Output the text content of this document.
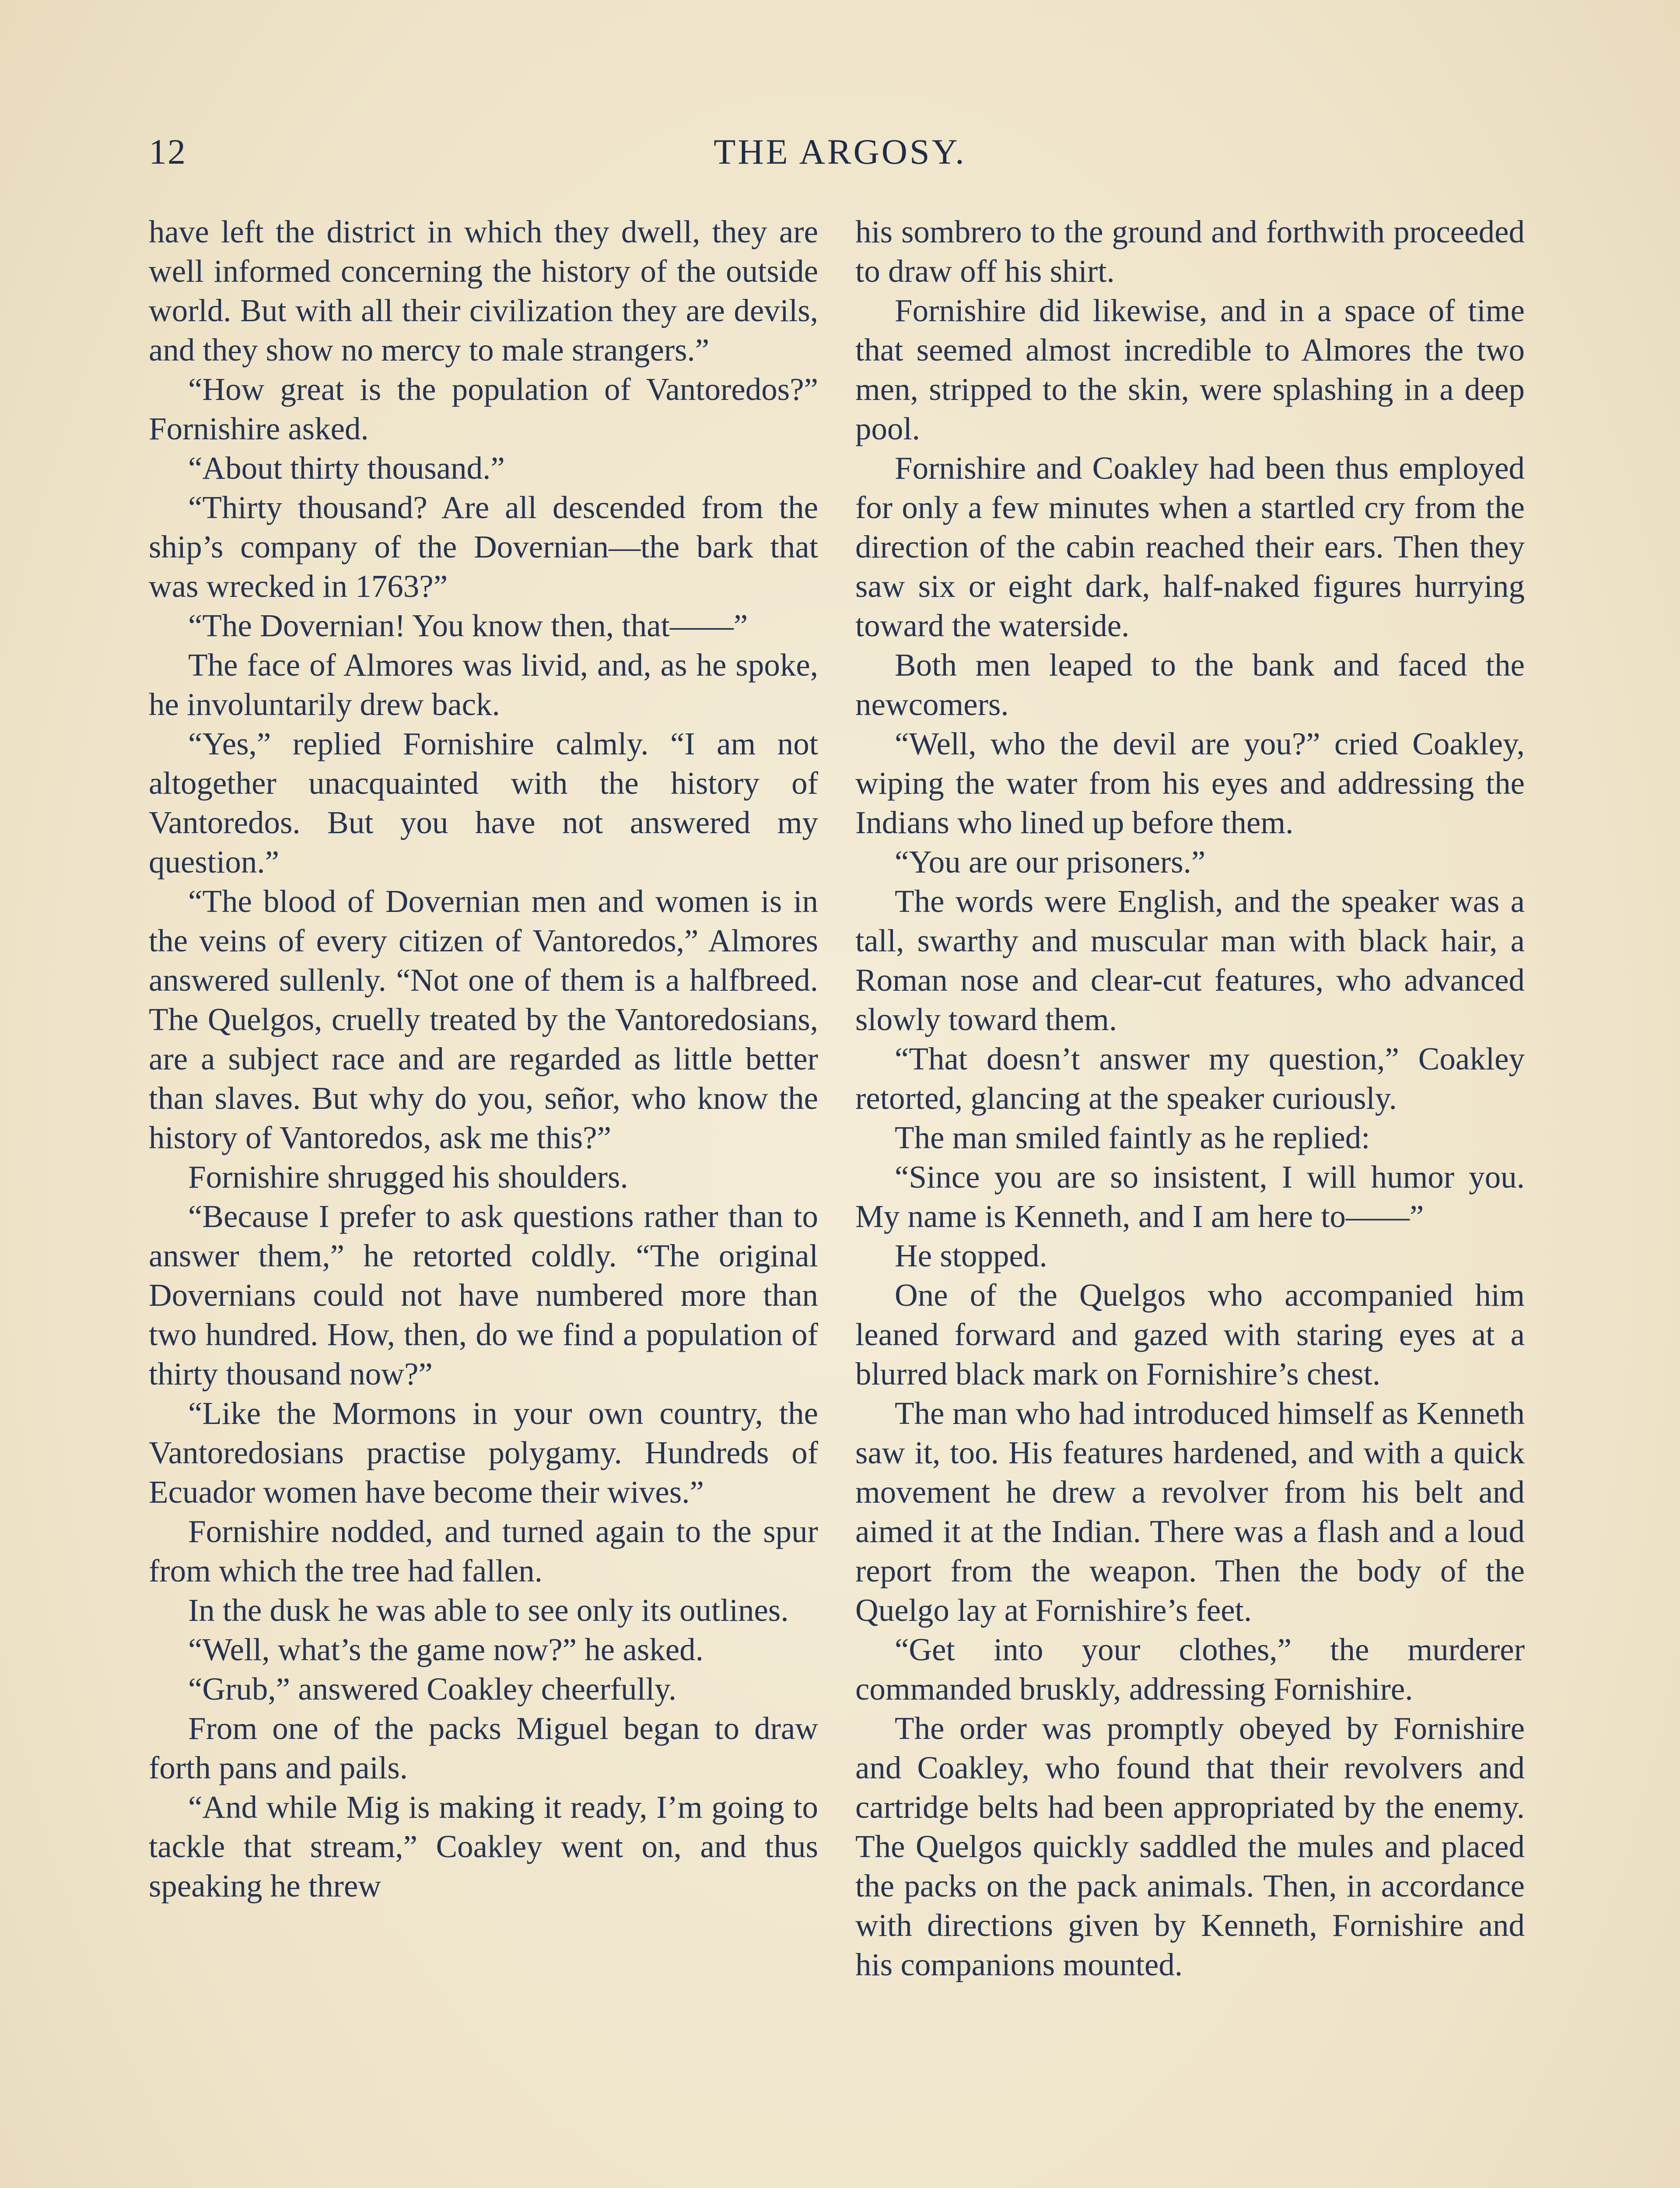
12	THE ARGOSY.

have left the district in which they dwell, they are well informed concerning the history of the outside world. But with all their civilization they are devils, and they show no mercy to male strangers.”

“How great is the population of Vantoredos?” Fornishire asked.

“About thirty thousand.”

“Thirty thousand? Are all descended from the ship’s company of the Dovernian—the bark that was wrecked in 1763?”

“The Dovernian! You know then, that——”

The face of Almores was livid, and, as he spoke, he involuntarily drew back.

“Yes,” replied Fornishire calmly. “I am not altogether unacquainted with the history of Vantoredos. But you have not answered my question.”

“The blood of Dovernian men and women is in the veins of every citizen of Vantoredos,” Almores answered sullenly. “Not one of them is a halfbreed. The Quelgos, cruelly treated by the Vantoredosians, are a subject race and are regarded as little better than slaves. But why do you, señor, who know the history of Vantoredos, ask me this?”

Fornishire shrugged his shoulders.

“Because I prefer to ask questions rather than to answer them,” he retorted coldly. “The original Dovernians could not have numbered more than two hundred. How, then, do we find a population of thirty thousand now?”

“Like the Mormons in your own country, the Vantoredosians practise polygamy. Hundreds of Ecuador women have become their wives.”

Fornishire nodded, and turned again to the spur from which the tree had fallen.

In the dusk he was able to see only its outlines.

“Well, what’s the game now?” he asked.

“Grub,” answered Coakley cheerfully.

From one of the packs Miguel began to draw forth pans and pails.

“And while Mig is making it ready, I’m going to tackle that stream,” Coakley went on, and thus speaking he threw

his sombrero to the ground and forthwith proceeded to draw off his shirt.

Fornishire did likewise, and in a space of time that seemed almost incredible to Almores the two men, stripped to the skin, were splashing in a deep pool.

Fornishire and Coakley had been thus employed for only a few minutes when a startled cry from the direction of the cabin reached their ears. Then they saw six or eight dark, half-naked figures hurrying toward the waterside.

Both men leaped to the bank and faced the newcomers.

“Well, who the devil are you?” cried Coakley, wiping the water from his eyes and addressing the Indians who lined up before them.

“You are our prisoners.”

The words were English, and the speaker was a tall, swarthy and muscular man with black hair, a Roman nose and clear-cut features, who advanced slowly toward them.

“That doesn’t answer my question,” Coakley retorted, glancing at the speaker curiously.

The man smiled faintly as he replied:

“Since you are so insistent, I will humor you. My name is Kenneth, and I am here to——”

He stopped.

One of the Quelgos who accompanied him leaned forward and gazed with staring eyes at a blurred black mark on Fornishire’s chest.

The man who had introduced himself as Kenneth saw it, too. His features hardened, and with a quick movement he drew a revolver from his belt and aimed it at the Indian. There was a flash and a loud report from the weapon. Then the body of the Quelgo lay at Fornishire’s feet.

“Get into your clothes,” the murderer commanded bruskly, addressing Fornishire.

The order was promptly obeyed by Fornishire and Coakley, who found that their revolvers and cartridge belts had been appropriated by the enemy. The Quelgos quickly saddled the mules and placed the packs on the pack animals. Then, in accordance with directions given by Kenneth, Fornishire and his companions mounted.
